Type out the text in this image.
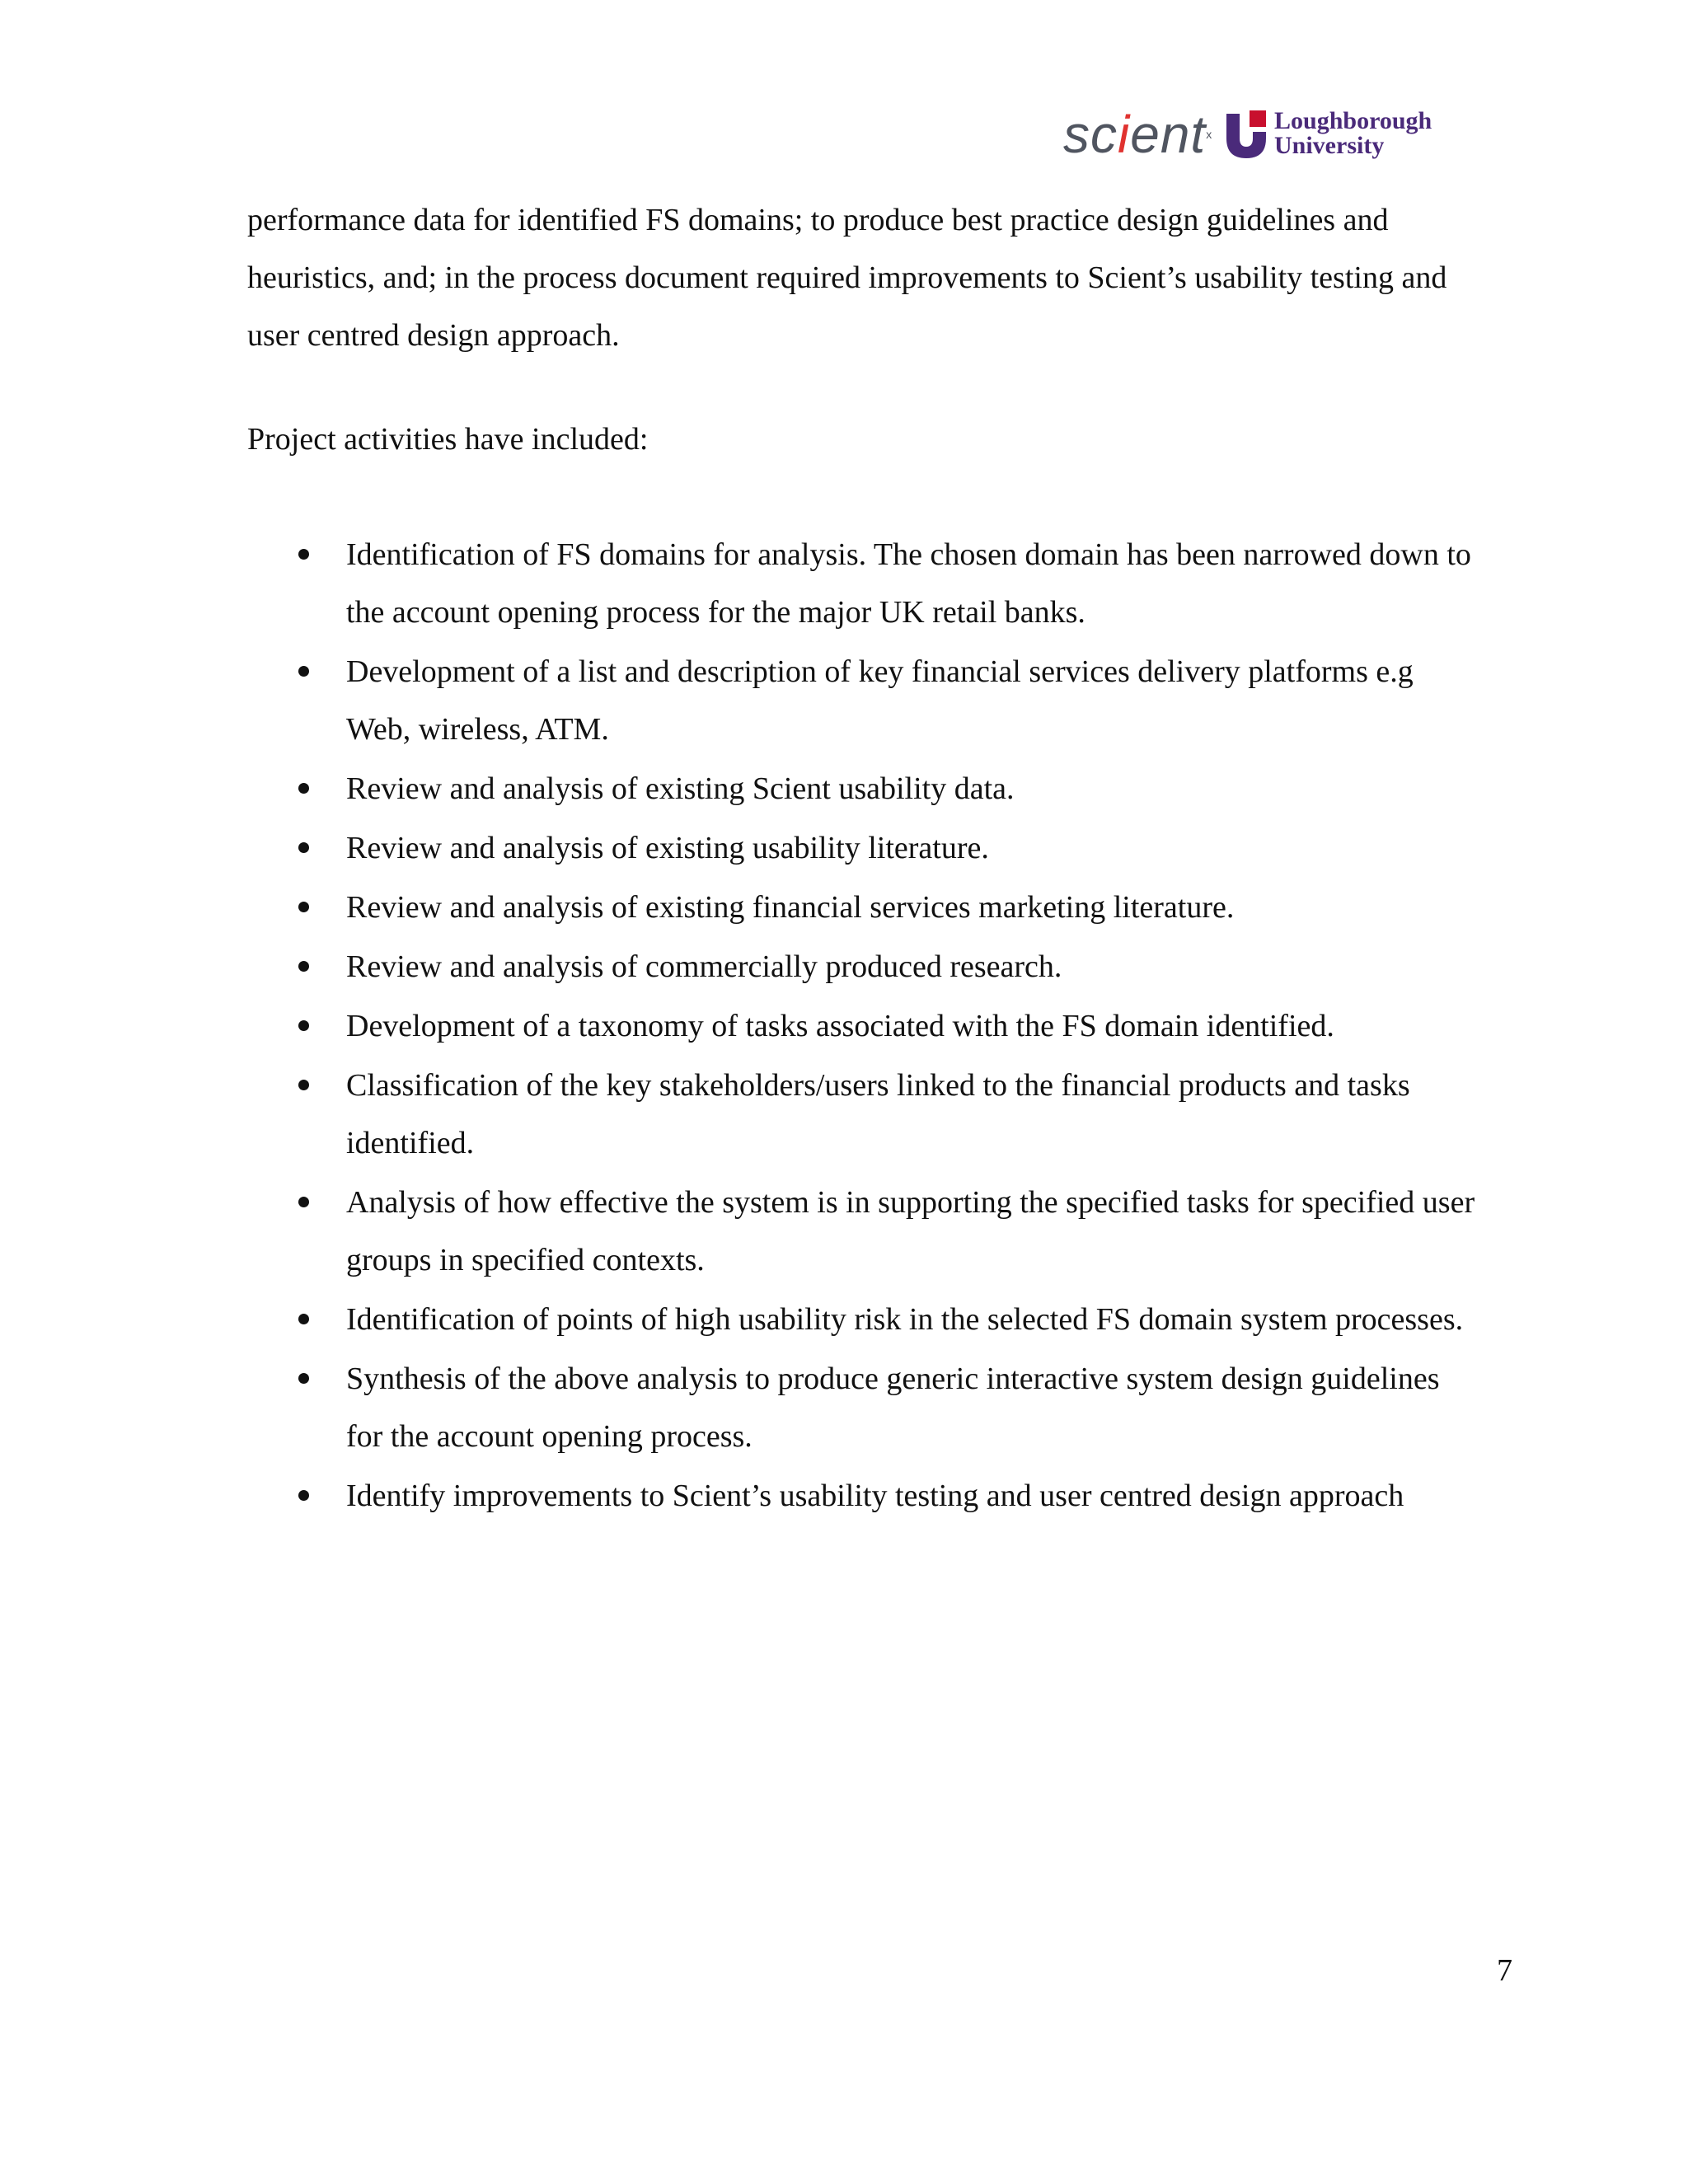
scientx	Loughborough
University

performance data for identified FS domains; to produce best practice design guidelines and heuristics, and; in the process document required improvements to Scient’s usability testing and user centred design approach.

Project activities have included:

Identification of FS domains for analysis. The chosen domain has been narrowed down to the account opening process for the major UK retail banks.
Development of a list and description of key financial services delivery platforms e.g Web, wireless, ATM.
Review and analysis of existing Scient usability data.
Review and analysis of existing usability literature.
Review and analysis of existing financial services marketing literature.
Review and analysis of commercially produced research.
Development of a taxonomy of tasks associated with the FS domain identified.
Classification of the key stakeholders/users linked to the financial products and tasks identified.
Analysis of how effective the system is in supporting the specified tasks for specified user groups in specified contexts.
Identification of points of high usability risk in the selected FS domain system processes.
Synthesis of the above analysis to produce generic interactive system design guidelines for the account opening process.
Identify improvements to Scient’s usability testing and user centred design approach
7
